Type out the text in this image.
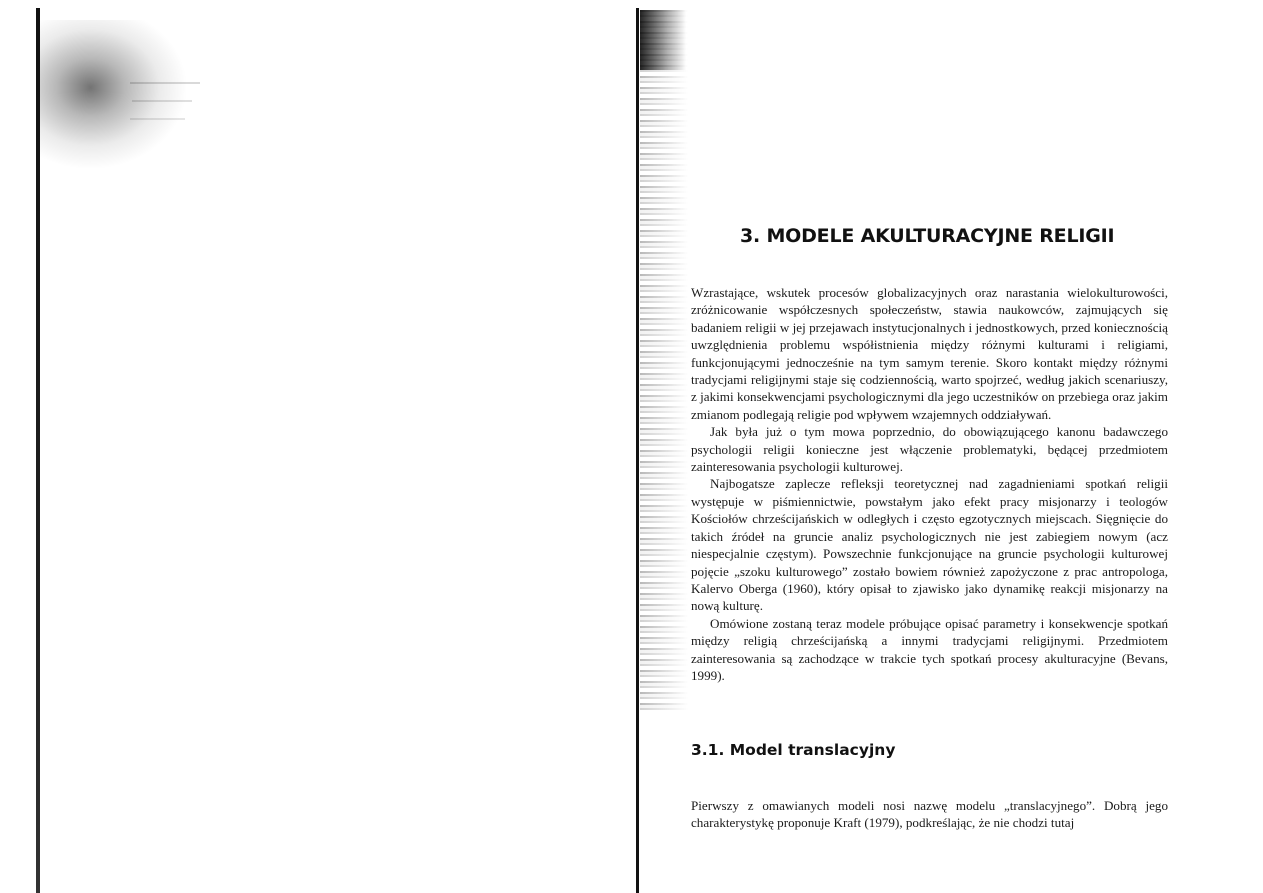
3. MODELE AKULTURACYJNE RELIGII

Wzrastające, wskutek procesów globalizacyjnych oraz narastania wielokulturowości, zróżnicowanie współczesnych społeczeństw, stawia naukowców, zajmujących się badaniem religii w jej przejawach instytucjonalnych i jednostkowych, przed koniecznością uwzględnienia problemu współistnienia między różnymi kulturami i religiami, funkcjonującymi jednocześnie na tym samym terenie. Skoro kontakt między różnymi tradycjami religijnymi staje się codziennością, warto spojrzeć, według jakich scenariuszy, z jakimi konsekwencjami psychologicznymi dla jego uczestników on przebiega oraz jakim zmianom podlegają religie pod wpływem wzajemnych oddziaływań.

Jak była już o tym mowa poprzednio, do obowiązującego kanonu badawczego psychologii religii konieczne jest włączenie problematyki, będącej przedmiotem zainteresowania psychologii kulturowej.

Najbogatsze zaplecze refleksji teoretycznej nad zagadnieniami spotkań religii występuje w piśmiennictwie, powstałym jako efekt pracy misjonarzy i teologów Kościołów chrześcijańskich w odległych i często egzotycznych miejscach. Sięgnięcie do takich źródeł na gruncie analiz psychologicznych nie jest zabiegiem nowym (acz niespecjalnie częstym). Powszechnie funkcjonujące na gruncie psychologii kulturowej pojęcie „szoku kulturowego” zostało bowiem również zapożyczone z prac antropologa, Kalervo Oberga (1960), który opisał to zjawisko jako dynamikę reakcji misjonarzy na nową kulturę.

Omówione zostaną teraz modele próbujące opisać parametry i konsekwencje spotkań między religią chrześcijańską a innymi tradycjami religijnymi. Przedmiotem zainteresowania są zachodzące w trakcie tych spotkań procesy akulturacyjne (Bevans, 1999).

3.1. Model translacyjny

Pierwszy z omawianych modeli nosi nazwę modelu „translacyjnego”. Dobrą jego charakterystykę proponuje Kraft (1979), podkreślając, że nie chodzi tutaj
